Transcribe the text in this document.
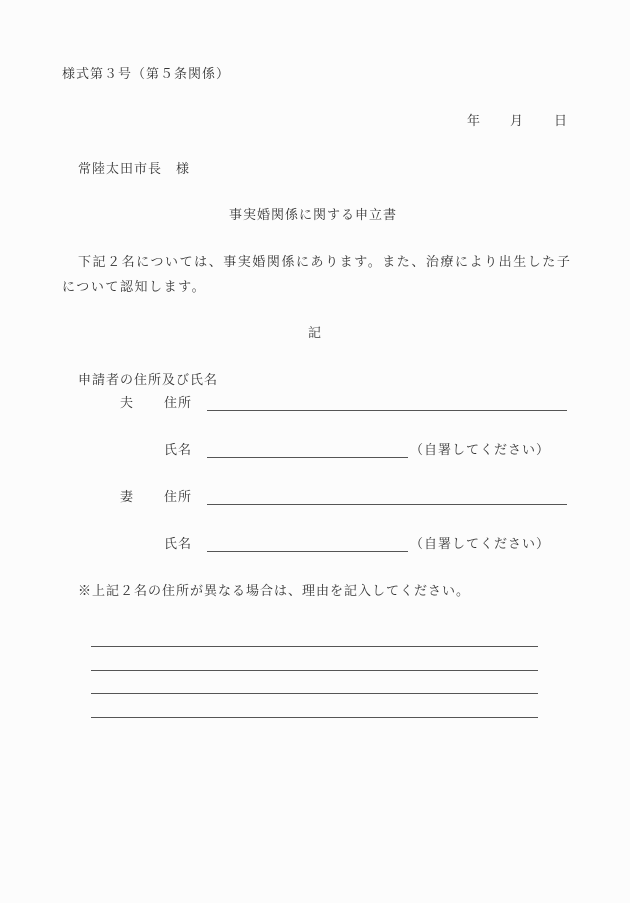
様式第３号（第５条関係）
年 月 日
常陸太田市長　様
事実婚関係に関する申立書
下記２名については、事実婚関係にあります。また、治療により出生した子
について認知します。
記
申請者の住所及び氏名
夫 住所
氏名	（自署してください）
妻 住所
氏名	（自署してください）
※上記２名の住所が異なる場合は、理由を記入してください。
